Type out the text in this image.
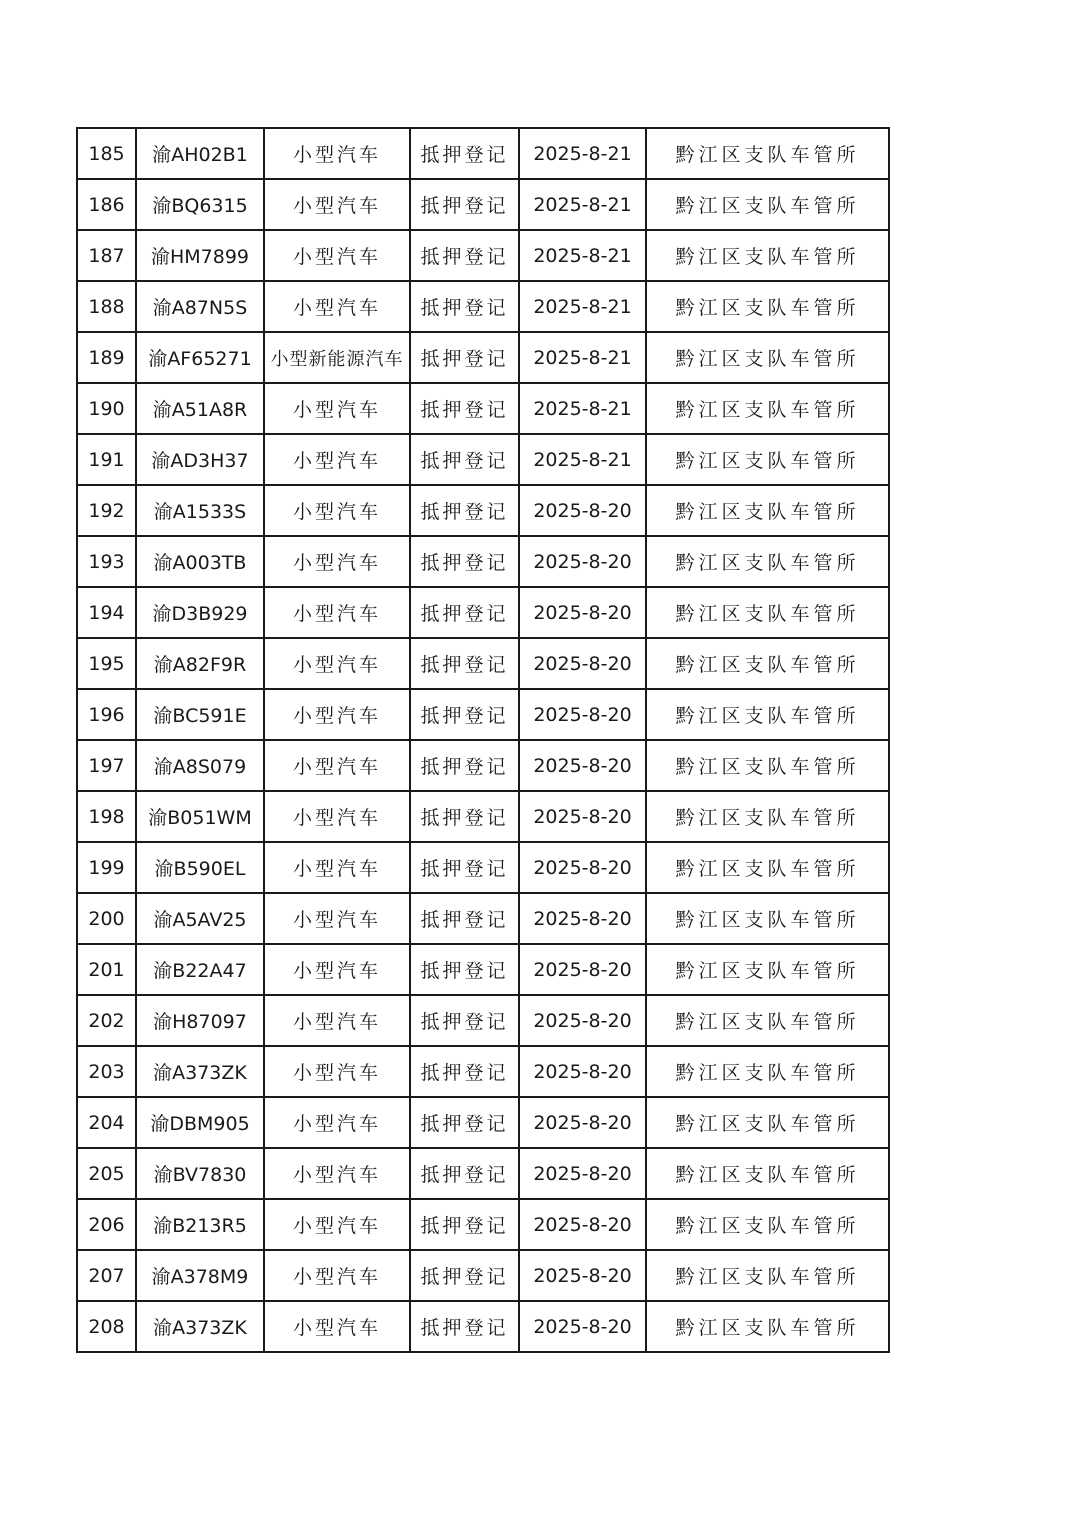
185	渝AH02B1	小型汽车	抵押登记	2025-8-21	黔江区支队车管所
186	渝BQ6315	小型汽车	抵押登记	2025-8-21	黔江区支队车管所
187	渝HM7899	小型汽车	抵押登记	2025-8-21	黔江区支队车管所
188	渝A87N5S	小型汽车	抵押登记	2025-8-21	黔江区支队车管所
189	渝AF65271	小型新能源汽车	抵押登记	2025-8-21	黔江区支队车管所
190	渝A51A8R	小型汽车	抵押登记	2025-8-21	黔江区支队车管所
191	渝AD3H37	小型汽车	抵押登记	2025-8-21	黔江区支队车管所
192	渝A1533S	小型汽车	抵押登记	2025-8-20	黔江区支队车管所
193	渝A003TB	小型汽车	抵押登记	2025-8-20	黔江区支队车管所
194	渝D3B929	小型汽车	抵押登记	2025-8-20	黔江区支队车管所
195	渝A82F9R	小型汽车	抵押登记	2025-8-20	黔江区支队车管所
196	渝BC591E	小型汽车	抵押登记	2025-8-20	黔江区支队车管所
197	渝A8S079	小型汽车	抵押登记	2025-8-20	黔江区支队车管所
198	渝B051WM	小型汽车	抵押登记	2025-8-20	黔江区支队车管所
199	渝B590EL	小型汽车	抵押登记	2025-8-20	黔江区支队车管所
200	渝A5AV25	小型汽车	抵押登记	2025-8-20	黔江区支队车管所
201	渝B22A47	小型汽车	抵押登记	2025-8-20	黔江区支队车管所
202	渝H87097	小型汽车	抵押登记	2025-8-20	黔江区支队车管所
203	渝A373ZK	小型汽车	抵押登记	2025-8-20	黔江区支队车管所
204	渝DBM905	小型汽车	抵押登记	2025-8-20	黔江区支队车管所
205	渝BV7830	小型汽车	抵押登记	2025-8-20	黔江区支队车管所
206	渝B213R5	小型汽车	抵押登记	2025-8-20	黔江区支队车管所
207	渝A378M9	小型汽车	抵押登记	2025-8-20	黔江区支队车管所
208	渝A373ZK	小型汽车	抵押登记	2025-8-20	黔江区支队车管所
